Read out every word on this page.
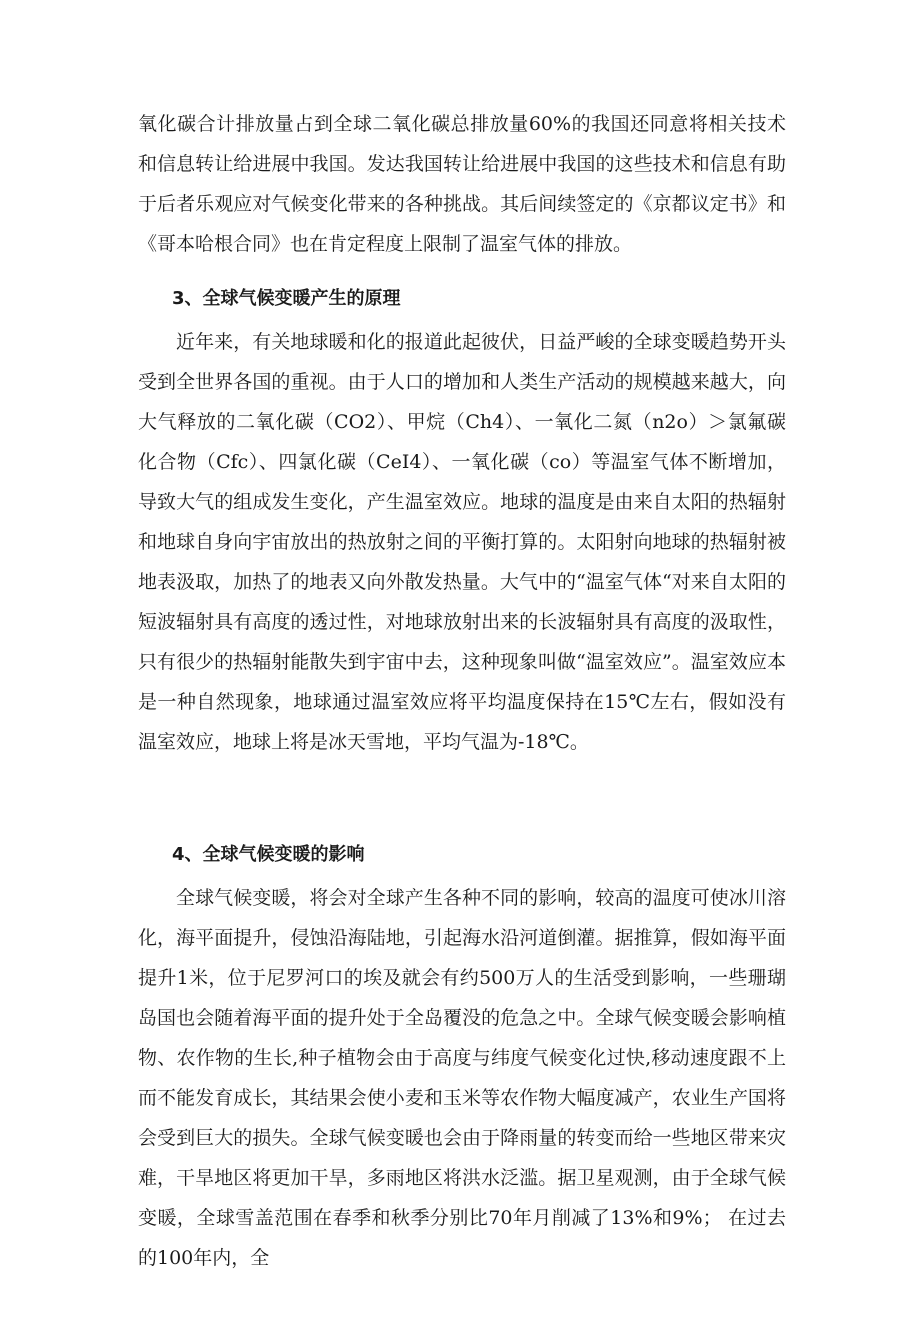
氧化碳合计排放量占到全球二氧化碳总排放量60%的我国还同意将相关技术和信息转让给进展中我国。发达我国转让给进展中我国的这些技术和信息有助于后者乐观应对气候变化带来的各种挑战。其后间续签定的《京都议定书》和《哥本哈根合同》也在肯定程度上限制了温室气体的排放。

3、全球气候变暖产生的原理

近年来，有关地球暖和化的报道此起彼伏，日益严峻的全球变暖趋势开头受到全世界各国的重视。由于人口的增加和人类生产活动的规模越来越大，向大气释放的二氧化碳（CO2）、甲烷（Ch4）、一氧化二氮（n2o）＞氯氟碳化合物（Cfc）、四氯化碳（CeI4）、一氧化碳（co）等温室气体不断增加，导致大气的组成发生变化，产生温室效应。地球的温度是由来自太阳的热辐射和地球自身向宇宙放出的热放射之间的平衡打算的。太阳射向地球的热辐射被地表汲取，加热了的地表又向外散发热量。大气中的“温室气体“对来自太阳的短波辐射具有高度的透过性，对地球放射出来的长波辐射具有高度的汲取性，只有很少的热辐射能散失到宇宙中去，这种现象叫做“温室效应”。温室效应本是一种自然现象，地球通过温室效应将平均温度保持在15℃左右，假如没有温室效应，地球上将是冰天雪地，平均气温为-18℃。

4、全球气候变暖的影响

全球气候变暖，将会对全球产生各种不同的影响，较高的温度可使冰川溶化，海平面提升，侵蚀沿海陆地，引起海水沿河道倒灌。据推算，假如海平面提升1米，位于尼罗河口的埃及就会有约500万人的生活受到影响，一些珊瑚岛国也会随着海平面的提升处于全岛覆没的危急之中。全球气候变暖会影响植物、农作物的生长,种子植物会由于高度与纬度气候变化过快,移动速度跟不上而不能发育成长，其结果会使小麦和玉米等农作物大幅度减产，农业生产国将会受到巨大的损失。全球气候变暖也会由于降雨量的转变而给一些地区带来灾难，干旱地区将更加干旱，多雨地区将洪水泛滥。据卫星观测，由于全球气候变暖，全球雪盖范围在春季和秋季分别比70年月削减了13%和9%； 在过去的100年内，全
